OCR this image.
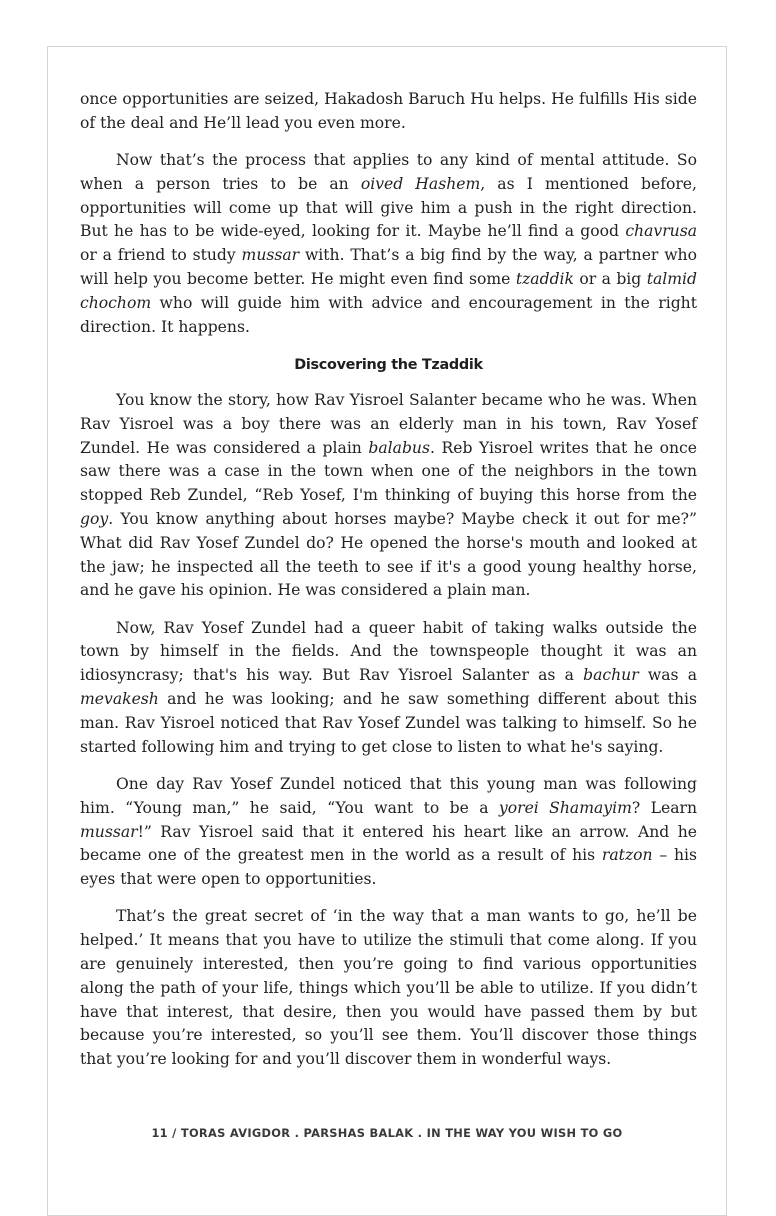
once opportunities are seized, Hakadosh Baruch Hu helps. He fulfills His side of the deal and He’ll lead you even more.

Now that’s the process that applies to any kind of mental attitude. So when a person tries to be an oived Hashem, as I mentioned before, opportunities will come up that will give him a push in the right direction. But he has to be wide-eyed, looking for it. Maybe he’ll find a good chavrusa or a friend to study mussar with. That’s a big find by the way, a partner who will help you become better. He might even find some tzaddik or a big talmid chochom who will guide him with advice and encouragement in the right direction. It happens.

Discovering the Tzaddik

You know the story, how Rav Yisroel Salanter became who he was. When Rav Yisroel was a boy there was an elderly man in his town, Rav Yosef Zundel. He was considered a plain balabus. Reb Yisroel writes that he once saw there was a case in the town when one of the neighbors in the town stopped Reb Zundel, “Reb Yosef, I'm thinking of buying this horse from the goy. You know anything about horses maybe? Maybe check it out for me?” What did Rav Yosef Zundel do? He opened the horse's mouth and looked at the jaw; he inspected all the teeth to see if it's a good young healthy horse, and he gave his opinion. He was considered a plain man.

Now, Rav Yosef Zundel had a queer habit of taking walks outside the town by himself in the fields. And the townspeople thought it was an idiosyncrasy; that's his way. But Rav Yisroel Salanter as a bachur was a mevakesh and he was looking; and he saw something different about this man. Rav Yisroel noticed that Rav Yosef Zundel was talking to himself. So he started following him and trying to get close to listen to what he's saying.

One day Rav Yosef Zundel noticed that this young man was following him. “Young man,” he said, “You want to be a yorei Shamayim? Learn mussar!” Rav Yisroel said that it entered his heart like an arrow. And he became one of the greatest men in the world as a result of his ratzon – his eyes that were open to opportunities.

That’s the great secret of ‘in the way that a man wants to go, he’ll be helped.’ It means that you have to utilize the stimuli that come along. If you are genuinely interested, then you’re going to find various opportunities along the path of your life, things which you’ll be able to utilize. If you didn’t have that interest, that desire, then you would have passed them by but because you’re interested, so you’ll see them. You’ll discover those things that you’re looking for and you’ll discover them in wonderful ways.

11 / TORAS AVIGDOR . PARSHAS BALAK . IN THE WAY YOU WISH TO GO
